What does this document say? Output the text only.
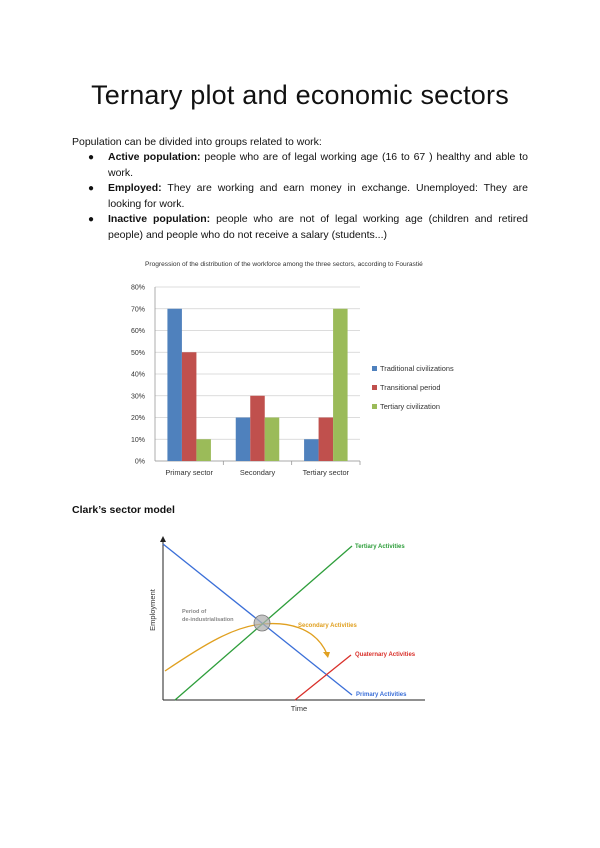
Ternary plot and economic sectors

Population can be divided into groups related to work:

● Active population: people who are of legal working age (16 to 67 ) healthy and able to work.
● Employed: They are working and earn money in exchange. Unemployed: They are looking for work.
● Inactive population: people who are not of legal working age (children and retired people) and people who do not receive a salary (students...)
Progression of the distribution of the workforce among the three sectors, according to Fourastié
0%
10%
20%
30%
40%
50%
60%
70%
80%
Primary sector	Secondary	Tertiary sector
Traditional civilizations
Transitional period
Tertiary civilization

Clark’s sector model

Time
Employment	Period of de-industrialisation
Tertiary Activities
Secondary Activities
Quaternary Activities
Primary Activities
